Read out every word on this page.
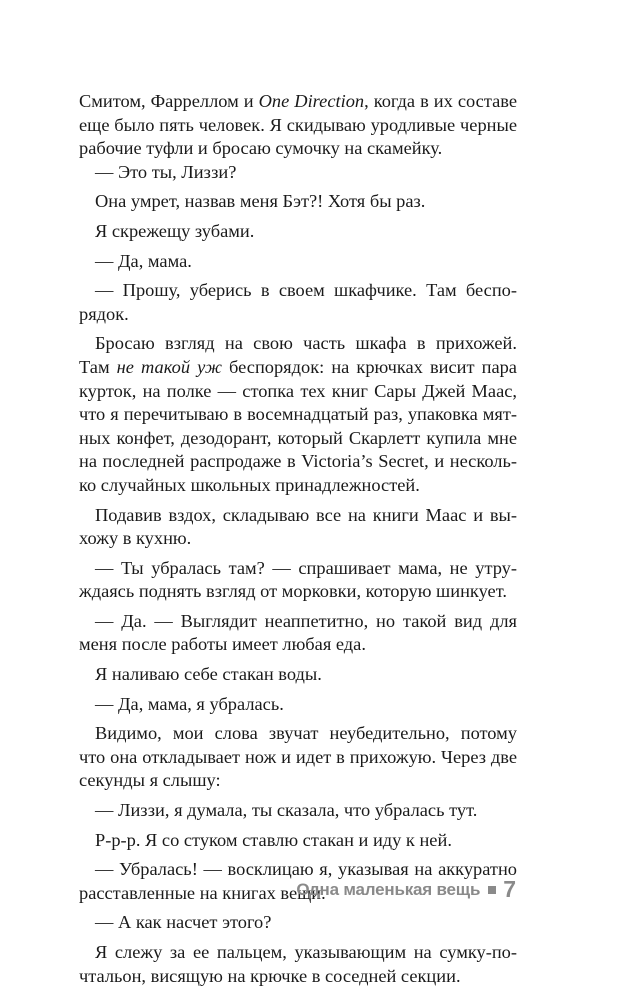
Смитом, Фарреллом и One Direction, когда в их составе

еще было пять человек. Я скидываю уродливые черные

рабочие туфли и бросаю сумочку на скамейку.

— Это ты, Лиззи?

Она умрет, назвав меня Бэт?! Хотя бы раз.

Я скрежещу зубами.

— Да, мама.

— Прошу, уберись в своем шкафчике. Там беспо-

рядок.

Бросаю взгляд на свою часть шкафа в прихожей.

Там не такой уж беспорядок: на крючках висит пара

курток, на полке — стопка тех книг Сары Джей Маас,

что я перечитываю в восемнадцатый раз, упаковка мят-

ных конфет, дезодорант, который Скарлетт купила мне

на последней распродаже в Victoria’s Secret, и несколь-

ко случайных школьных принадлежностей.

Подавив вздох, складываю все на книги Маас и вы-

хожу в кухню.

— Ты убралась там? — спрашивает мама, не утру-

ждаясь поднять взгляд от морковки, которую шинкует.

— Да. — Выглядит неаппетитно, но такой вид для

меня после работы имеет любая еда.

Я наливаю себе стакан воды.

— Да, мама, я убралась.

Видимо, мои слова звучат неубедительно, потому

что она откладывает нож и идет в прихожую. Через две

секунды я слышу:

— Лиззи, я думала, ты сказала, что убралась тут.

Р-р-р. Я со стуком ставлю стакан и иду к ней.

— Убралась! — восклицаю я, указывая на аккуратно

расставленные на книгах вещи.

— А как насчет этого?

Я слежу за ее пальцем, указывающим на сумку-по-

чтальон, висящую на крючке в соседней секции.

Одна маленькая вещь 7
